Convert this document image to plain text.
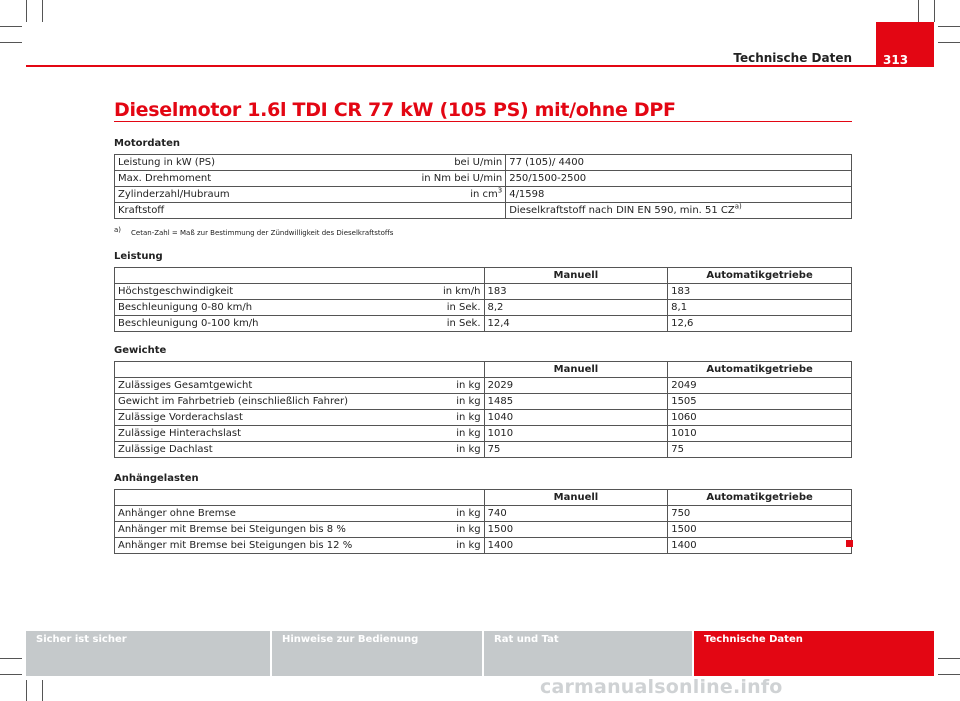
Technische Daten	313
Dieselmotor 1.6l TDI CR 77 kW (105 PS) mit/ohne DPF
Motordaten
Leistung in kW (PS)	bei U/min	77 (105)/ 4400
Max. Drehmoment	in Nm bei U/min	250/1500-2500
Zylinderzahl/Hubraum	in $cm^3$	4/1598
Kraftstoff		Dieselkraftstoff nach DIN EN 590, min. 51 CZ$^{a)}$
$^{a)}$ Cetan-Zahl = Maß zur Bestimmung der Zündwilligkeit des Dieselkraftstoffs
Leistung
		Manuell	Automatikgetriebe
Höchstgeschwindigkeit	in km/h	183	183
Beschleunigung 0-80 km/h	in Sek.	8,2	8,1
Beschleunigung 0-100 km/h	in Sek.	12,4	12,6
Gewichte
		Manuell	Automatikgetriebe
Zulässiges Gesamtgewicht	in kg	2029	2049
Gewicht im Fahrbetrieb (einschließlich Fahrer)	in kg	1485	1505
Zulässige Vorderachslast	in kg	1040	1060
Zulässige Hinterachslast	in kg	1010	1010
Zulässige Dachlast	in kg	75	75
Anhängelasten
		Manuell	Automatikgetriebe
Anhänger ohne Bremse	in kg	740	750
Anhänger mit Bremse bei Steigungen bis 8 %	in kg	1500	1500
Anhänger mit Bremse bei Steigungen bis 12 %	in kg	1400	1400
Sicher ist sicher	Hinweise zur Bedienung	Rat und Tat	Technische Daten
carmanualsonline.info
